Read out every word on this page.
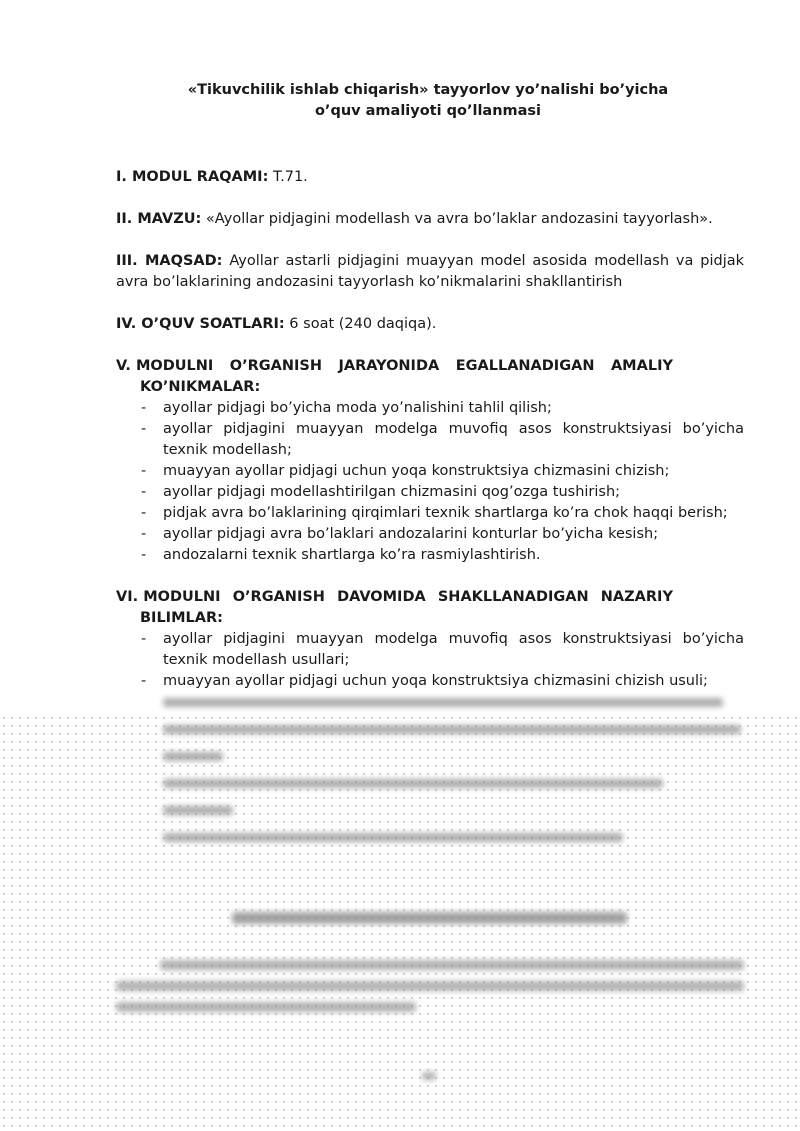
«Tikuvchilik ishlab chiqarish» tayyorlov yo’nalishi bo’yicha
o’quv amaliyoti qo’llanmasi

I. MODUL RAQAMI: T.71.

II. MAVZU: «Ayollar pidjagini modellash va avra bo’laklar andozasini tayyorlash».

III. MAQSAD: Ayollar astarli pidjagini muayyan model asosida modellash va pidjak avra bo’laklarining andozasini tayyorlash ko’nikmalarini shakllantirish

IV. O’QUV SOATLARI: 6 soat (240 daqiqa).

V. MODULNI O’RGANISH JARAYONIDA EGALLANADIGAN AMALIY
KO’NIKMALAR:
- ayollar pidjagi bo’yicha moda yo’nalishini tahlil qilish;
- ayollar pidjagini muayyan modelga muvofiq asos konstruktsiyasi bo’yicha texnik modellash;
- muayyan ayollar pidjagi uchun yoqa konstruktsiya chizmasini chizish;
- ayollar pidjagi modellashtirilgan chizmasini qog’ozga tushirish;
- pidjak avra bo’laklarining qirqimlari texnik shartlarga ko’ra chok haqqi berish;
- ayollar pidjagi avra bo’laklari andozalarini konturlar bo’yicha kesish;
- andozalarni texnik shartlarga ko’ra rasmiylashtirish.
VI. MODULNI O’RGANISH DAVOMIDA SHAKLLANADIGAN NAZARIY
BILIMLAR:
- ayollar pidjagini muayyan modelga muvofiq asos konstruktsiyasi bo’yicha texnik modellash usullari;
- muayyan ayollar pidjagi uchun yoqa konstruktsiya chizmasini chizish usuli;
